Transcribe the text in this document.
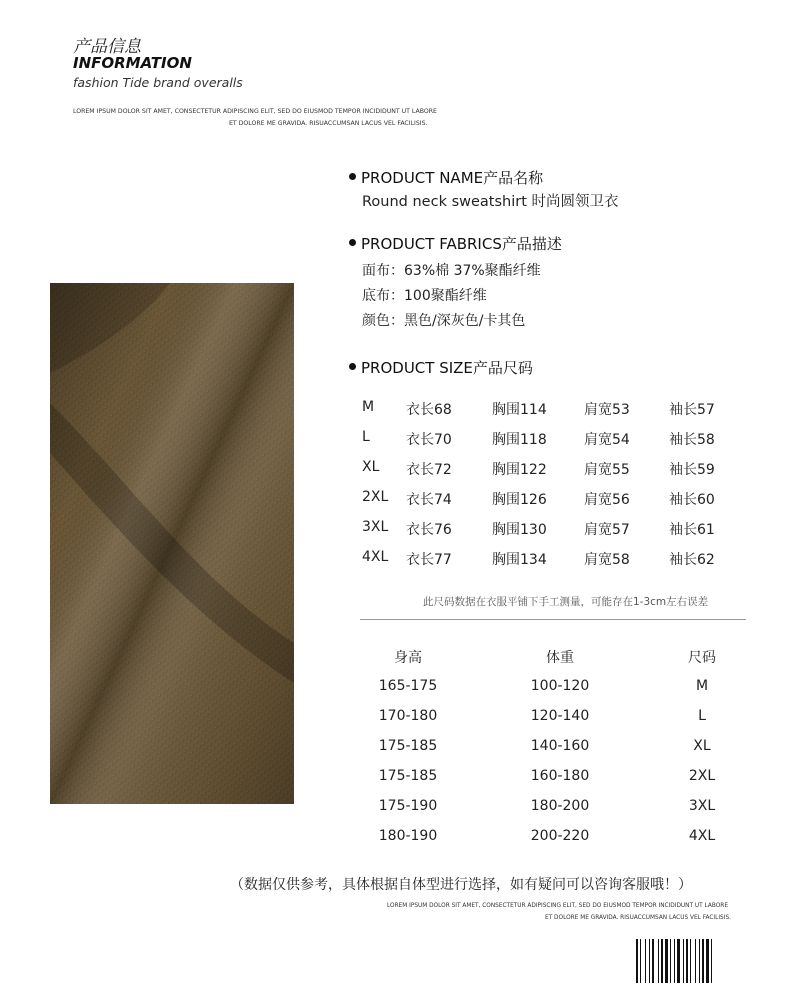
产品信息
INFORMATION
fashion Tide brand overalls
LOREM IPSUM DOLOR SIT AMET, CONSECTETUR ADIPISCING ELIT, SED DO EIUSMOD TEMPOR INCIDIDUNT UT LABORE
ET DOLORE ME GRAVIDA. RISUACCUMSAN LACUS VEL FACILISIS.
PRODUCT NAME产品名称
Round neck sweatshirt 时尚圆领卫衣
PRODUCT FABRICS产品描述
面布：63%棉 37%聚酯纤维
底布：100聚酯纤维
颜色：黑色/深灰色/卡其色
PRODUCT SIZE产品尺码
M 衣长68	胸围114	肩宽53	袖长57
L	衣长70	胸围118	肩宽54	袖长58
XL 衣长72	胸围122	肩宽55	袖长59
2XL 衣长74	胸围126	肩宽56	袖长60
3XL 衣长76	胸围130	肩宽57	袖长61
4XL 衣长77	胸围134	肩宽58	袖长62
此尺码数据在衣服平铺下手工测量，可能存在1-3cm左右误差
身高	体重	尺码
165-175	100-120	M
170-180	120-140	L
175-185	140-160	XL
175-185	160-180	2XL
175-190	180-200	3XL
180-190	200-220	4XL
（数据仅供参考，具体根据自体型进行选择，如有疑问可以咨询客服哦！）
LOREM IPSUM DOLOR SIT AMET, CONSECTETUR ADIPISCING ELIT, SED DO EIUSMOD TEMPOR INCIDIDUNT UT LABORE
ET DOLORE ME GRAVIDA. RISUACCUMSAN LACUS VEL FACILISIS.
